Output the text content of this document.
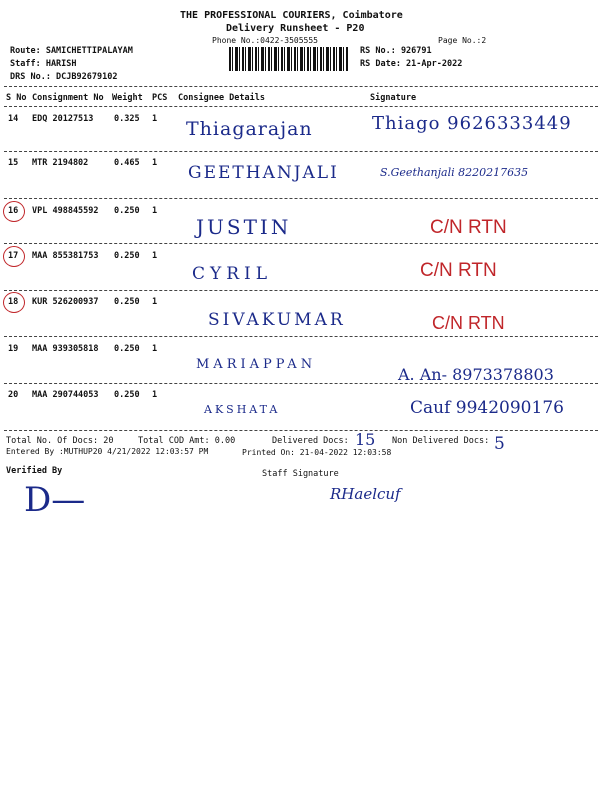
THE PROFESSIONAL COURIERS, Coimbatore
Delivery Runsheet - P20
Phone No.:0422-3505555	Page No.:2
Route: SAMICHETTIPALAYAM
Staff: HARISH
DRS No.: DCJB92679102
RS No.: 926791
RS Date: 21-Apr-2022
S No Consignment No Weight PCS Consignee Details	Signature
14 EDQ 20127513 0.325 1 Thiagarajan	Thiago 9626333449
15 MTR 2194802	0.465 1 GEETHANJALI	S.Geethanjali 8220217635
16 VPL 498845592 0.250 1
JUSTIN	C/N RTN
17 MAA 855381753 0.250 1
CYRIL	C/N RTN
18 KUR 526200937 0.250 1
SIVAKUMAR	C/N RTN
19 MAA 939305818 0.250 1
MARIAPPAN
A. An- 8973378803
20 MAA 290744053 0.250 1
AKSHATA	Cauf 9942090176
Total No. Of Docs: 20	Total COD Amt: 0.00	Delivered Docs: 15 Non Delivered Docs: 5
Entered By :MUTHUP20 4/21/2022 12:03:57 PM	Printed On: 21-04-2022 12:03:58
Verified By	Staff Signature
D—	RHaelcuf
